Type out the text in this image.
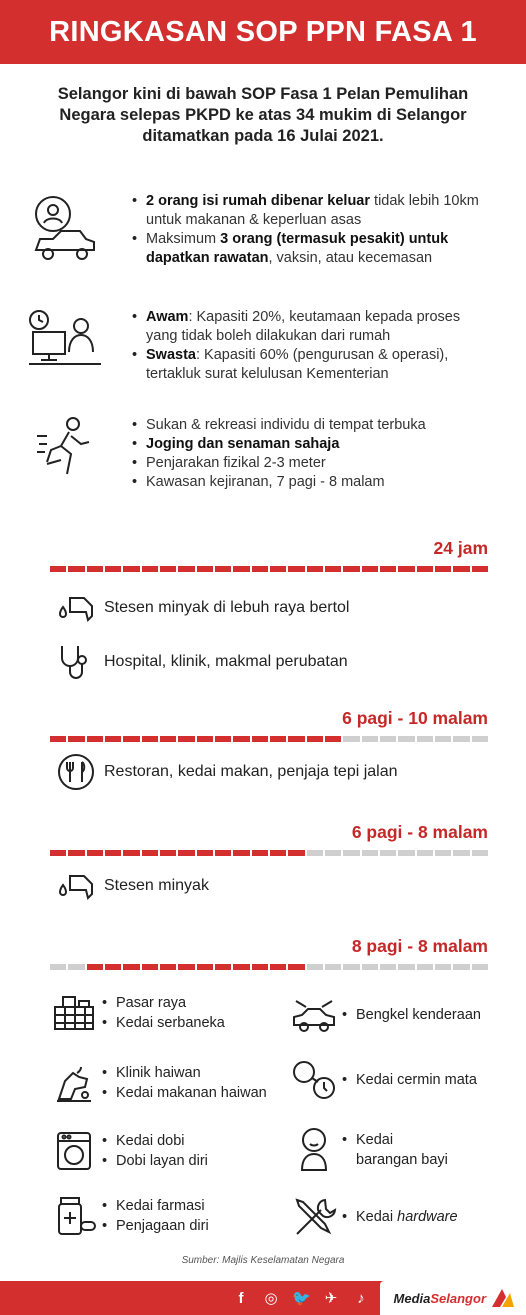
RINGKASAN SOP PPN FASA 1

Selangor kini di bawah SOP Fasa 1 Pelan Pemulihan Negara selepas PKPD ke atas 34 mukim di Selangor ditamatkan pada 16 Julai 2021.

• 2 orang isi rumah dibenar keluar tidak lebih 10km untuk makanan & keperluan asas
• Maksimum 3 orang (termasuk pesakit) untuk dapatkan rawatan, vaksin, atau kecemasan
• Awam: Kapasiti 20%, keutamaan kepada proses yang tidak boleh dilakukan dari rumah
• Swasta: Kapasiti 60% (pengurusan & operasi), tertakluk surat kelulusan Kementerian
• Sukan & rekreasi individu di tempat terbuka
• Joging dan senaman sahaja
• Penjarakan fizikal 2-3 meter
• Kawasan kejiranan, 7 pagi - 8 malam
24 jam
Stesen minyak di lebuh raya bertol
Hospital, klinik, makmal perubatan
6 pagi - 10 malam
Restoran, kedai makan, penjaja tepi jalan
6 pagi - 8 malam
Stesen minyak
8 pagi - 8 malam
• Pasar raya
• Kedai serbaneka
• Klinik haiwan
• Kedai makanan haiwan
• Kedai dobi
• Dobi layan diri
• Kedai farmasi
• Penjagaan diri
• Bengkel kenderaan
• Kedai cermin mata
• Kedai barangan bayi
• Kedai hardware
Sumber: Majlis Keselamatan Negara
f	◎ 🐦 ✈	♪	MediaSelangor
